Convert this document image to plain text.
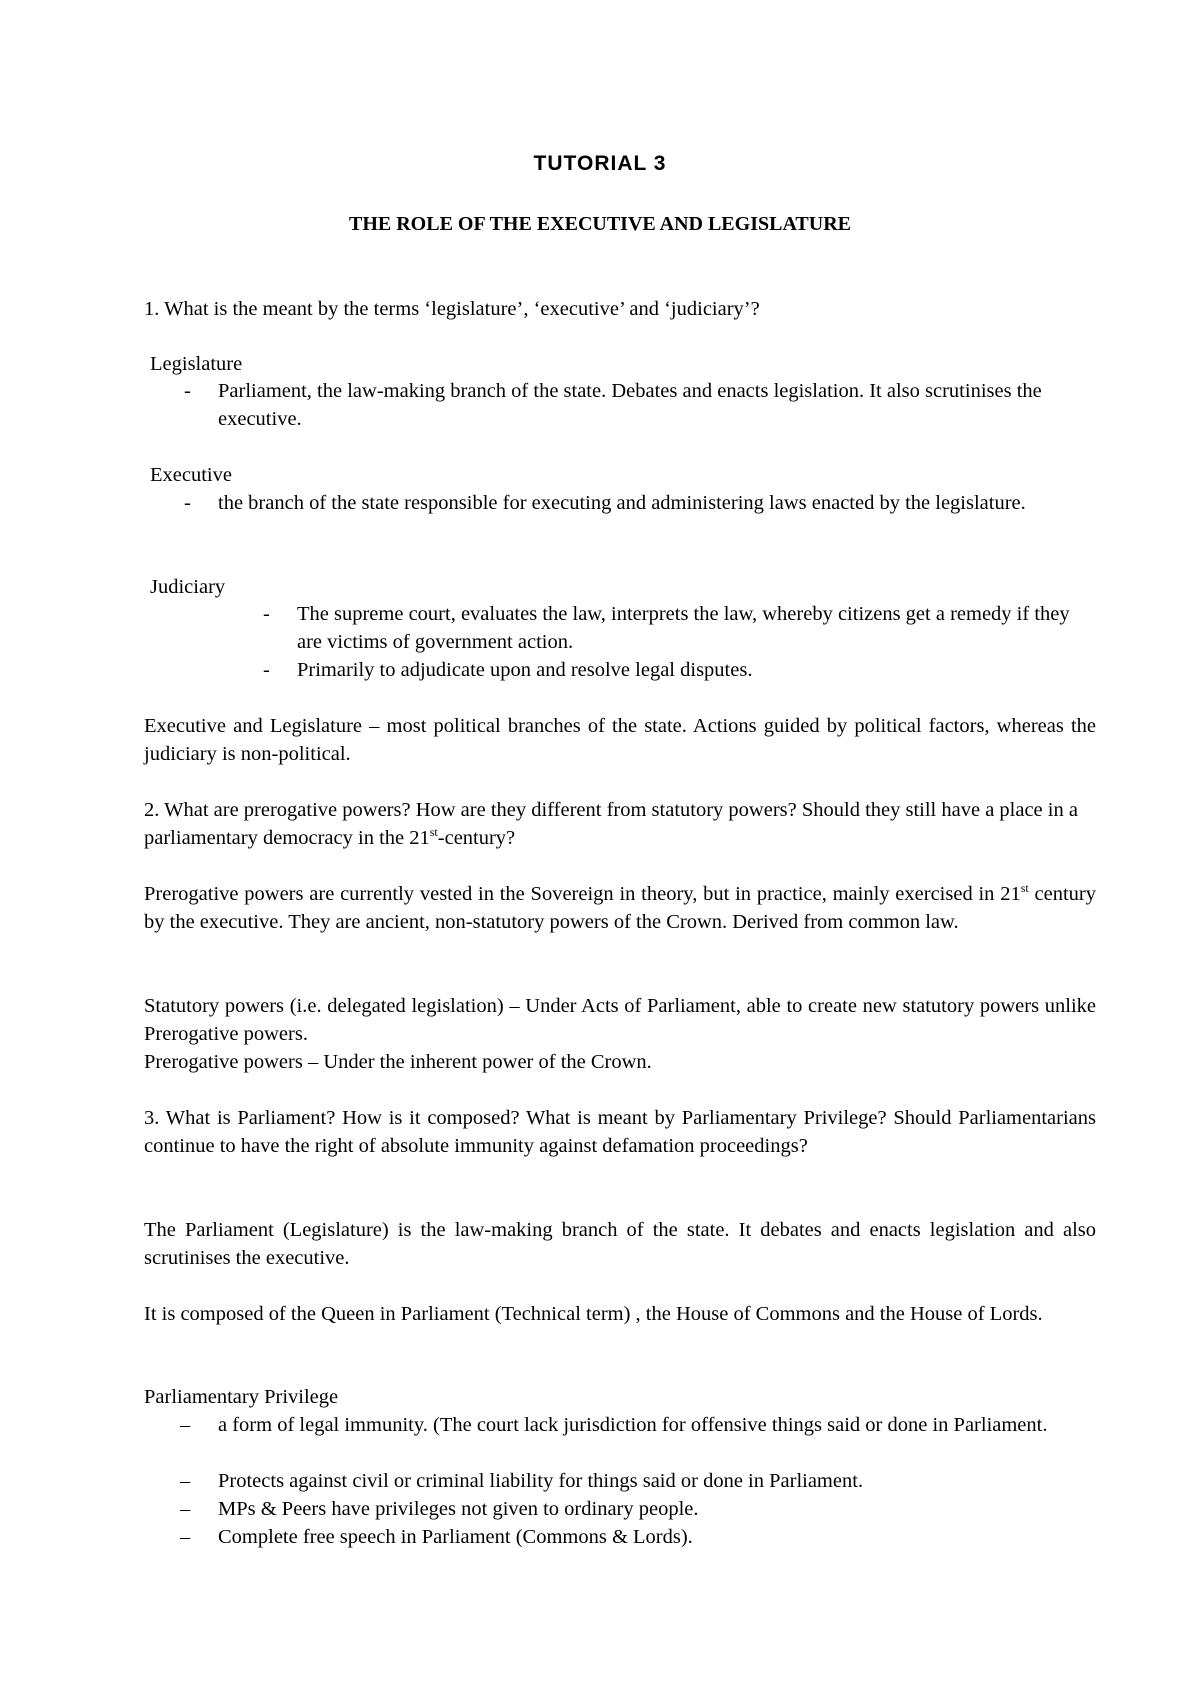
TUTORIAL 3
THE ROLE OF THE EXECUTIVE AND LEGISLATURE

1. What is the meant by the terms ‘legislature’, ‘executive’ and ‘judiciary’?

Legislature

-	Parliament, the law-making branch of the state. Debates and enacts legislation. It also scrutinises the executive.

Executive

-	the branch of the state responsible for executing and administering laws enacted by the legislature.

Judiciary

-	The supreme court, evaluates the law, interprets the law, whereby citizens get a remedy if they are victims of government action.
-	Primarily to adjudicate upon and resolve legal disputes.

Executive and Legislature – most political branches of the state. Actions guided by political factors, whereas the judiciary is non-political.

2. What are prerogative powers? How are they different from statutory powers? Should they still have a place in a parliamentary democracy in the 21st-century?

Prerogative powers are currently vested in the Sovereign in theory, but in practice, mainly exercised in 21st century by the executive. They are ancient, non-statutory powers of the Crown. Derived from common law.

Statutory powers (i.e. delegated legislation) – Under Acts of Parliament, able to create new statutory powers unlike Prerogative powers.

Prerogative powers – Under the inherent power of the Crown.

3. What is Parliament? How is it composed? What is meant by Parliamentary Privilege? Should Parliamentarians continue to have the right of absolute immunity against defamation proceedings?

The Parliament (Legislature) is the law-making branch of the state. It debates and enacts legislation and also scrutinises the executive.

It is composed of the Queen in Parliament (Technical term) , the House of Commons and the House of Lords.

Parliamentary Privilege

–	a form of legal immunity. (The court lack jurisdiction for offensive things said or done in Parliament.
–	Protects against civil or criminal liability for things said or done in Parliament.
–	MPs & Peers have privileges not given to ordinary people.
–	Complete free speech in Parliament (Commons & Lords).
